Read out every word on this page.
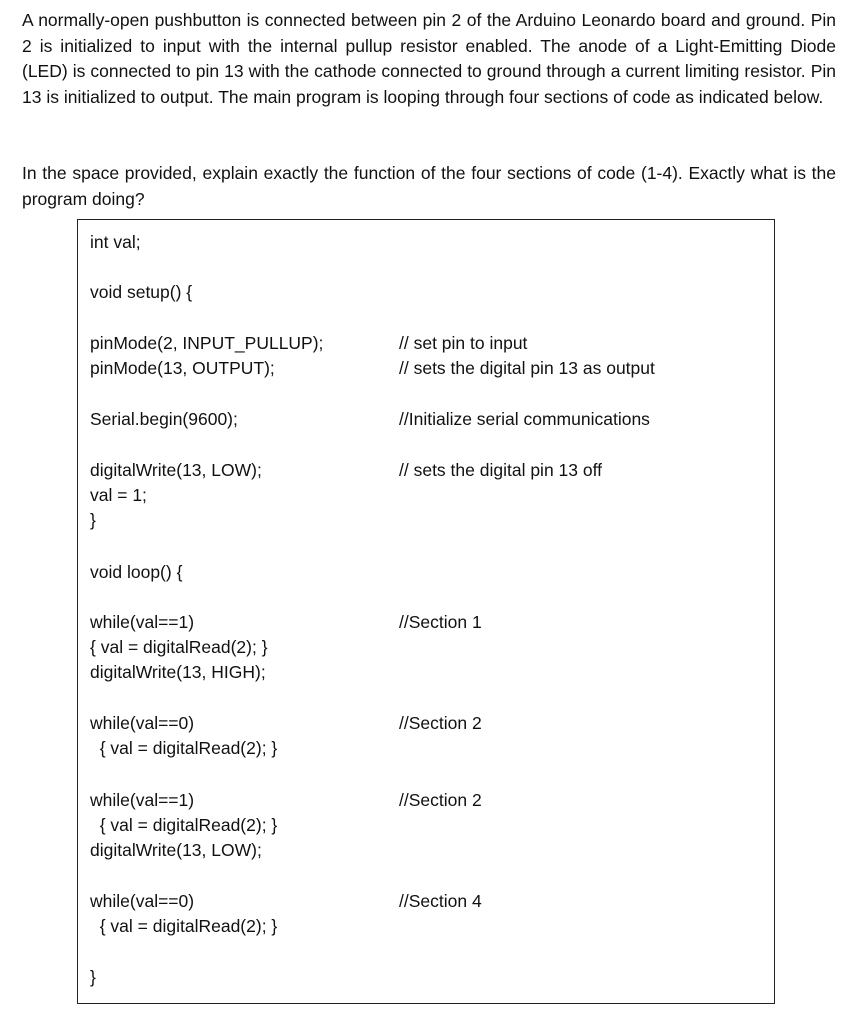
A normally-open pushbutton is connected between pin 2 of the Arduino Leonardo board and ground. Pin 2 is initialized to input with the internal pullup resistor enabled. The anode of a Light-Emitting Diode (LED) is connected to pin 13 with the cathode connected to ground through a current limiting resistor. Pin 13 is initialized to output. The main program is looping through four sections of code as indicated below.

In the space provided, explain exactly the function of the four sections of code (1-4). Exactly what is the program doing?

int val;
void setup() {
pinMode(2, INPUT_PULLUP);
pinMode(13, OUTPUT);
Serial.begin(9600);
digitalWrite(13, LOW);
val = 1;
}
void loop() {
while(val==1)
{ val = digitalRead(2); }
digitalWrite(13, HIGH);
while(val==0)
{ val = digitalRead(2); }
while(val==1)
{ val = digitalRead(2); }
digitalWrite(13, LOW);
while(val==0)
{ val = digitalRead(2); }
}
// set pin to input
// sets the digital pin 13 as output
//Initialize serial communications
// sets the digital pin 13 off
//Section 1
//Section 2
//Section 2
//Section 4
